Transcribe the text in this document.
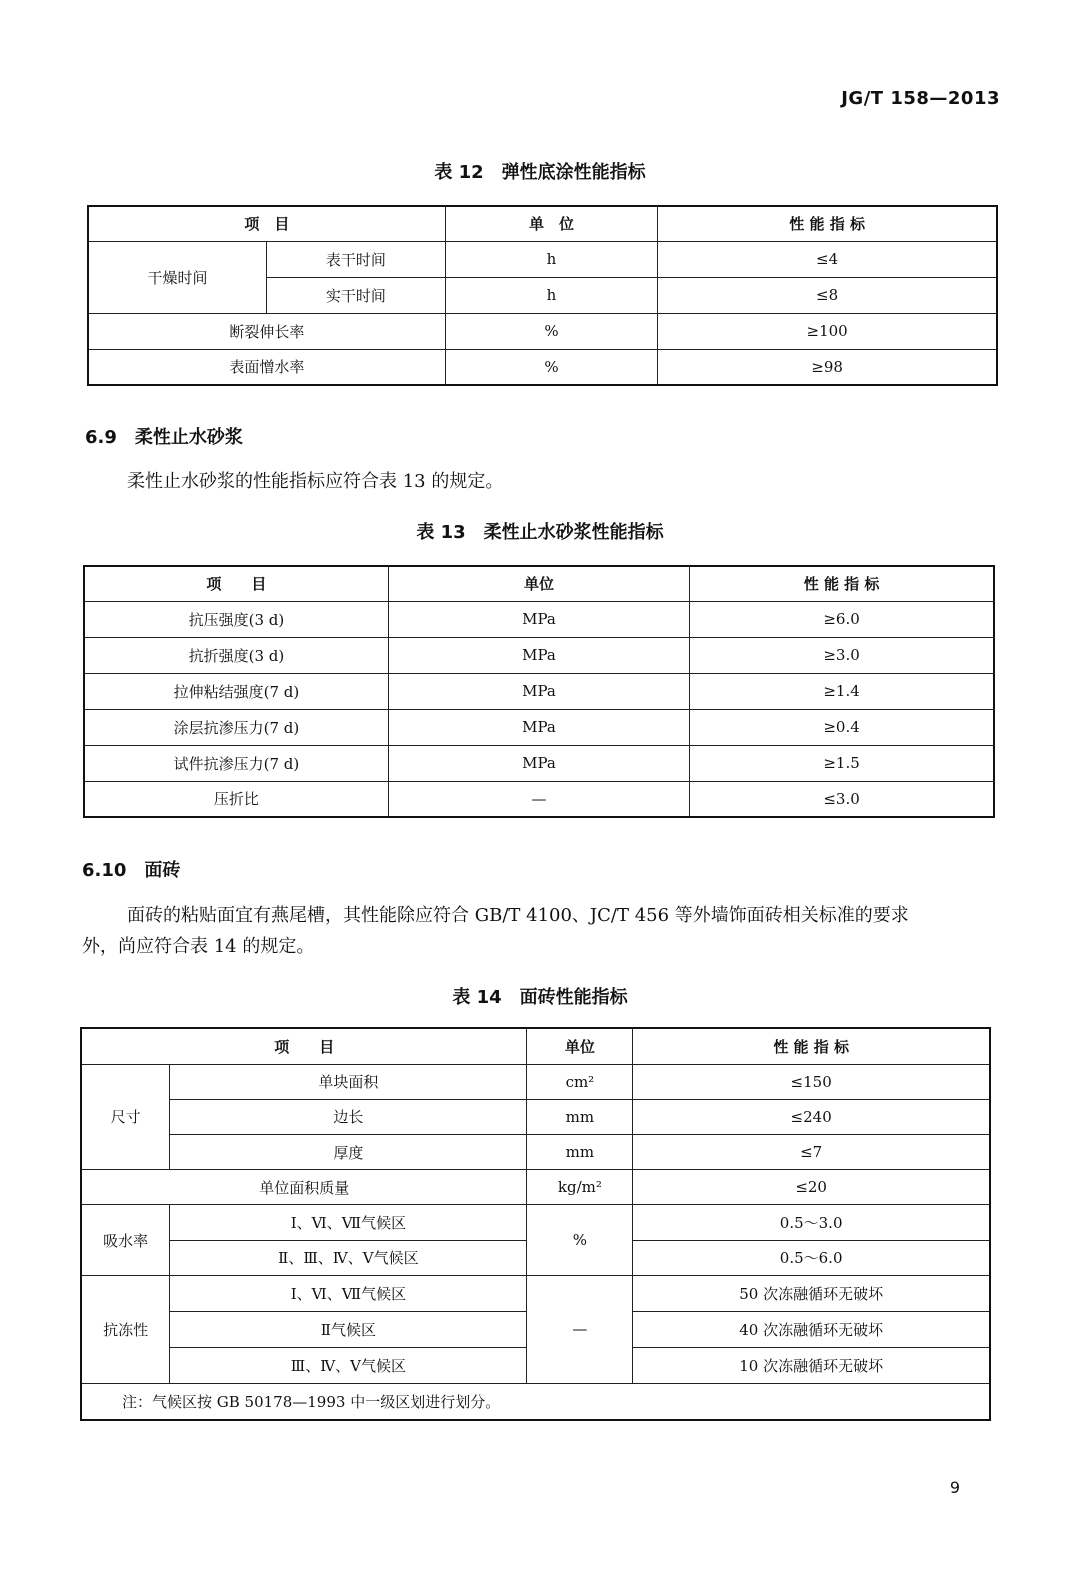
JG/T 158—2013
表 12　弹性底涂性能指标
项　目		单　位	性 能 指 标
干燥时间	表干时间	h	≤4
	实干时间	h	≤8
断裂伸长率		%	≥100
表面憎水率		%	≥98
6.9　柔性止水砂浆
柔性止水砂浆的性能指标应符合表 13 的规定。
表 13　柔性止水砂浆性能指标
项　　目	单位	性 能 指 标
抗压强度(3 d)	MPa	≥6.0
抗折强度(3 d)	MPa	≥3.0
拉伸粘结强度(7 d)	MPa	≥1.4
涂层抗渗压力(7 d)	MPa	≥0.4
试件抗渗压力(7 d)	MPa	≥1.5
压折比	—	≤3.0
6.10　面砖
面砖的粘贴面宜有燕尾槽，其性能除应符合 GB/T 4100、JC/T 456 等外墙饰面砖相关标准的要求
外，尚应符合表 14 的规定。
表 14　面砖性能指标
项　　目		单位	性 能 指 标
尺寸	单块面积	cm²	≤150
	边长	mm	≤240
	厚度	mm	≤7
单位面积质量		kg/m²	≤20
吸水率	Ⅰ、Ⅵ、Ⅶ气候区	%	0.5～3.0
	Ⅱ、Ⅲ、Ⅳ、Ⅴ气候区		0.5～6.0
抗冻性	Ⅰ、Ⅵ、Ⅶ气候区	—	50 次冻融循环无破坏
	Ⅱ气候区		40 次冻融循环无破坏
	Ⅲ、Ⅳ、Ⅴ气候区		10 次冻融循环无破坏
注：气候区按 GB 50178—1993 中一级区划进行划分。			
9
